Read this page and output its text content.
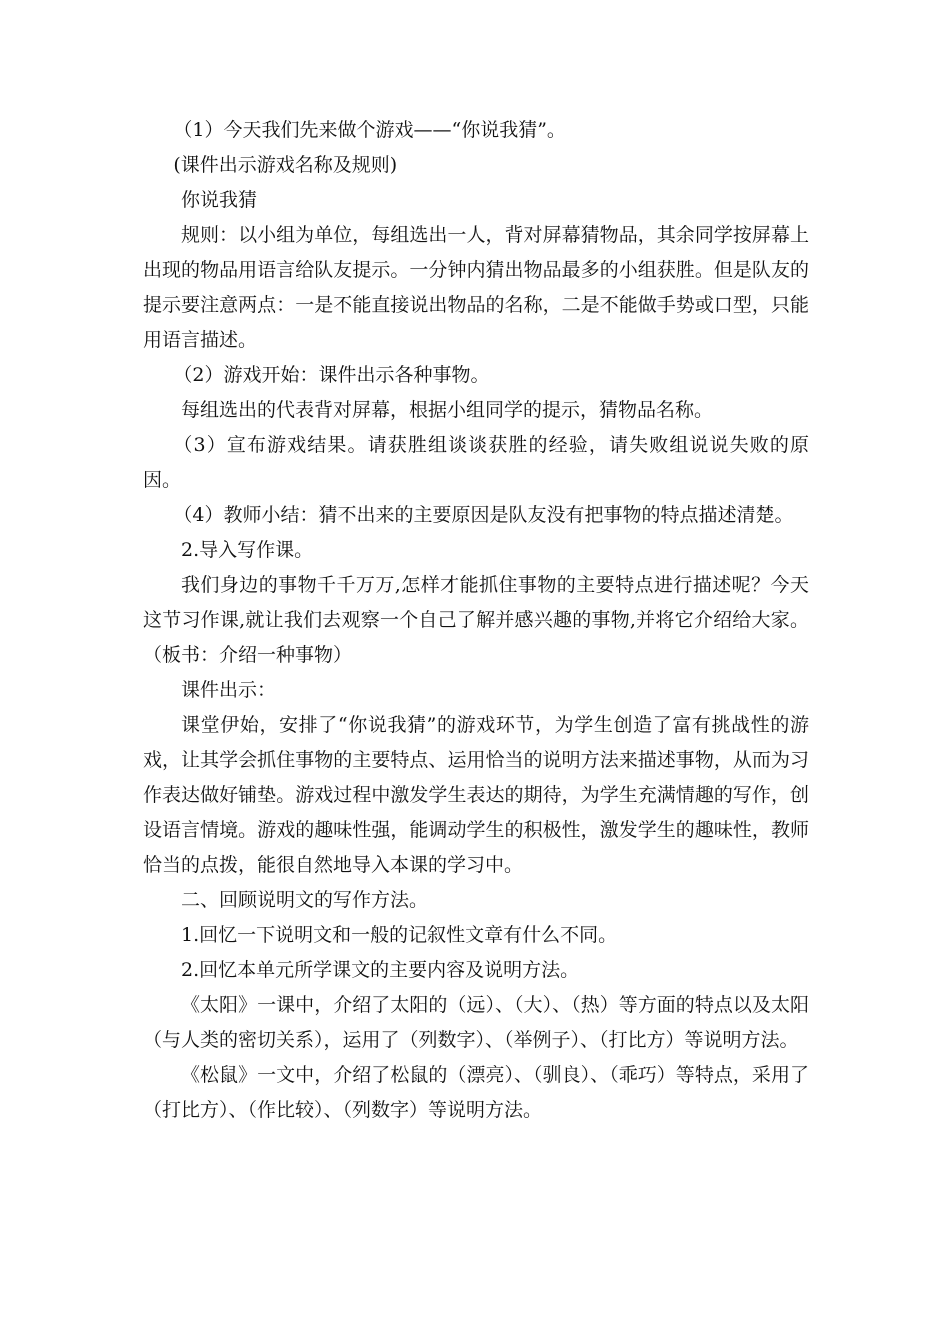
（1）今天我们先来做个游戏——“你说我猜”。

(课件出示游戏名称及规则)

你说我猜

规则：以小组为单位，每组选出一人，背对屏幕猜物品，其余同学按屏幕上出现的物品用语言给队友提示。一分钟内猜出物品最多的小组获胜。但是队友的提示要注意两点：一是不能直接说出物品的名称，二是不能做手势或口型，只能用语言描述。

（2）游戏开始：课件出示各种事物。

每组选出的代表背对屏幕，根据小组同学的提示，猜物品名称。

（3）宣布游戏结果。请获胜组谈谈获胜的经验，请失败组说说失败的原因。

（4）教师小结：猜不出来的主要原因是队友没有把事物的特点描述清楚。

2.导入写作课。

我们身边的事物千千万万,怎样才能抓住事物的主要特点进行描述呢？今天这节习作课,就让我们去观察一个自己了解并感兴趣的事物,并将它介绍给大家。（板书：介绍一种事物）

课件出示：

课堂伊始，安排了“你说我猜”的游戏环节，为学生创造了富有挑战性的游戏，让其学会抓住事物的主要特点、运用恰当的说明方法来描述事物，从而为习作表达做好铺垫。游戏过程中激发学生表达的期待，为学生充满情趣的写作，创设语言情境。游戏的趣味性强，能调动学生的积极性，激发学生的趣味性，教师恰当的点拨，能很自然地导入本课的学习中。

二、回顾说明文的写作方法。

1.回忆一下说明文和一般的记叙性文章有什么不同。

2.回忆本单元所学课文的主要内容及说明方法。

《太阳》一课中，介绍了太阳的（远）、（大）、（热）等方面的特点以及太阳（与人类的密切关系），运用了（列数字）、（举例子）、（打比方）等说明方法。

《松鼠》一文中，介绍了松鼠的（漂亮）、（驯良）、（乖巧）等特点，采用了（打比方）、（作比较）、（列数字）等说明方法。
